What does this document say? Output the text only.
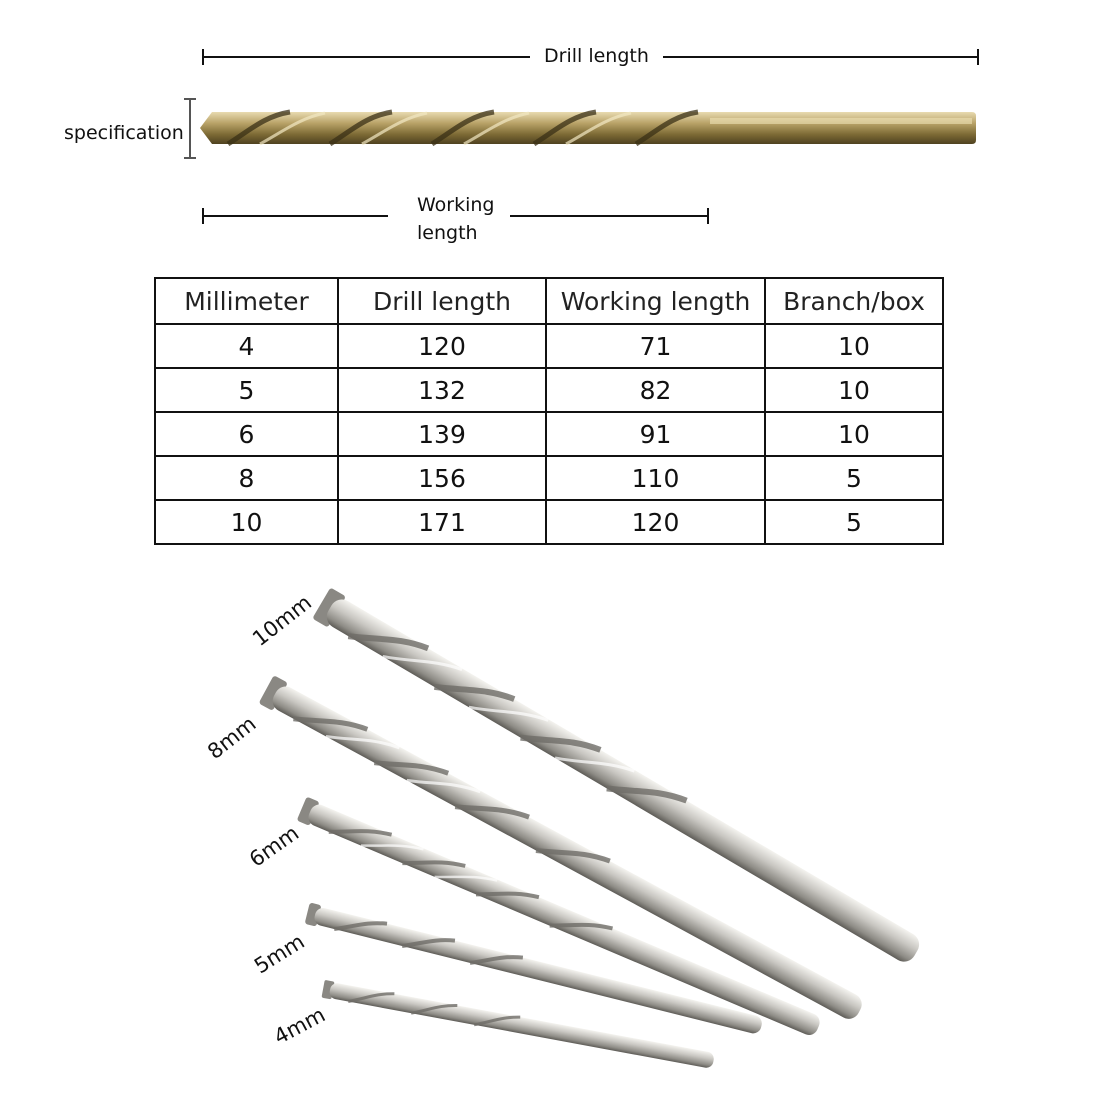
Drill length
specification
Working length
Millimeter	Drill length	Working length	Branch/box
4	120	71	10
5	132	82	10
6	139	91	10
8	156	110	5
10	171	120	5
10mm
8mm
6mm
5mm
4mm
